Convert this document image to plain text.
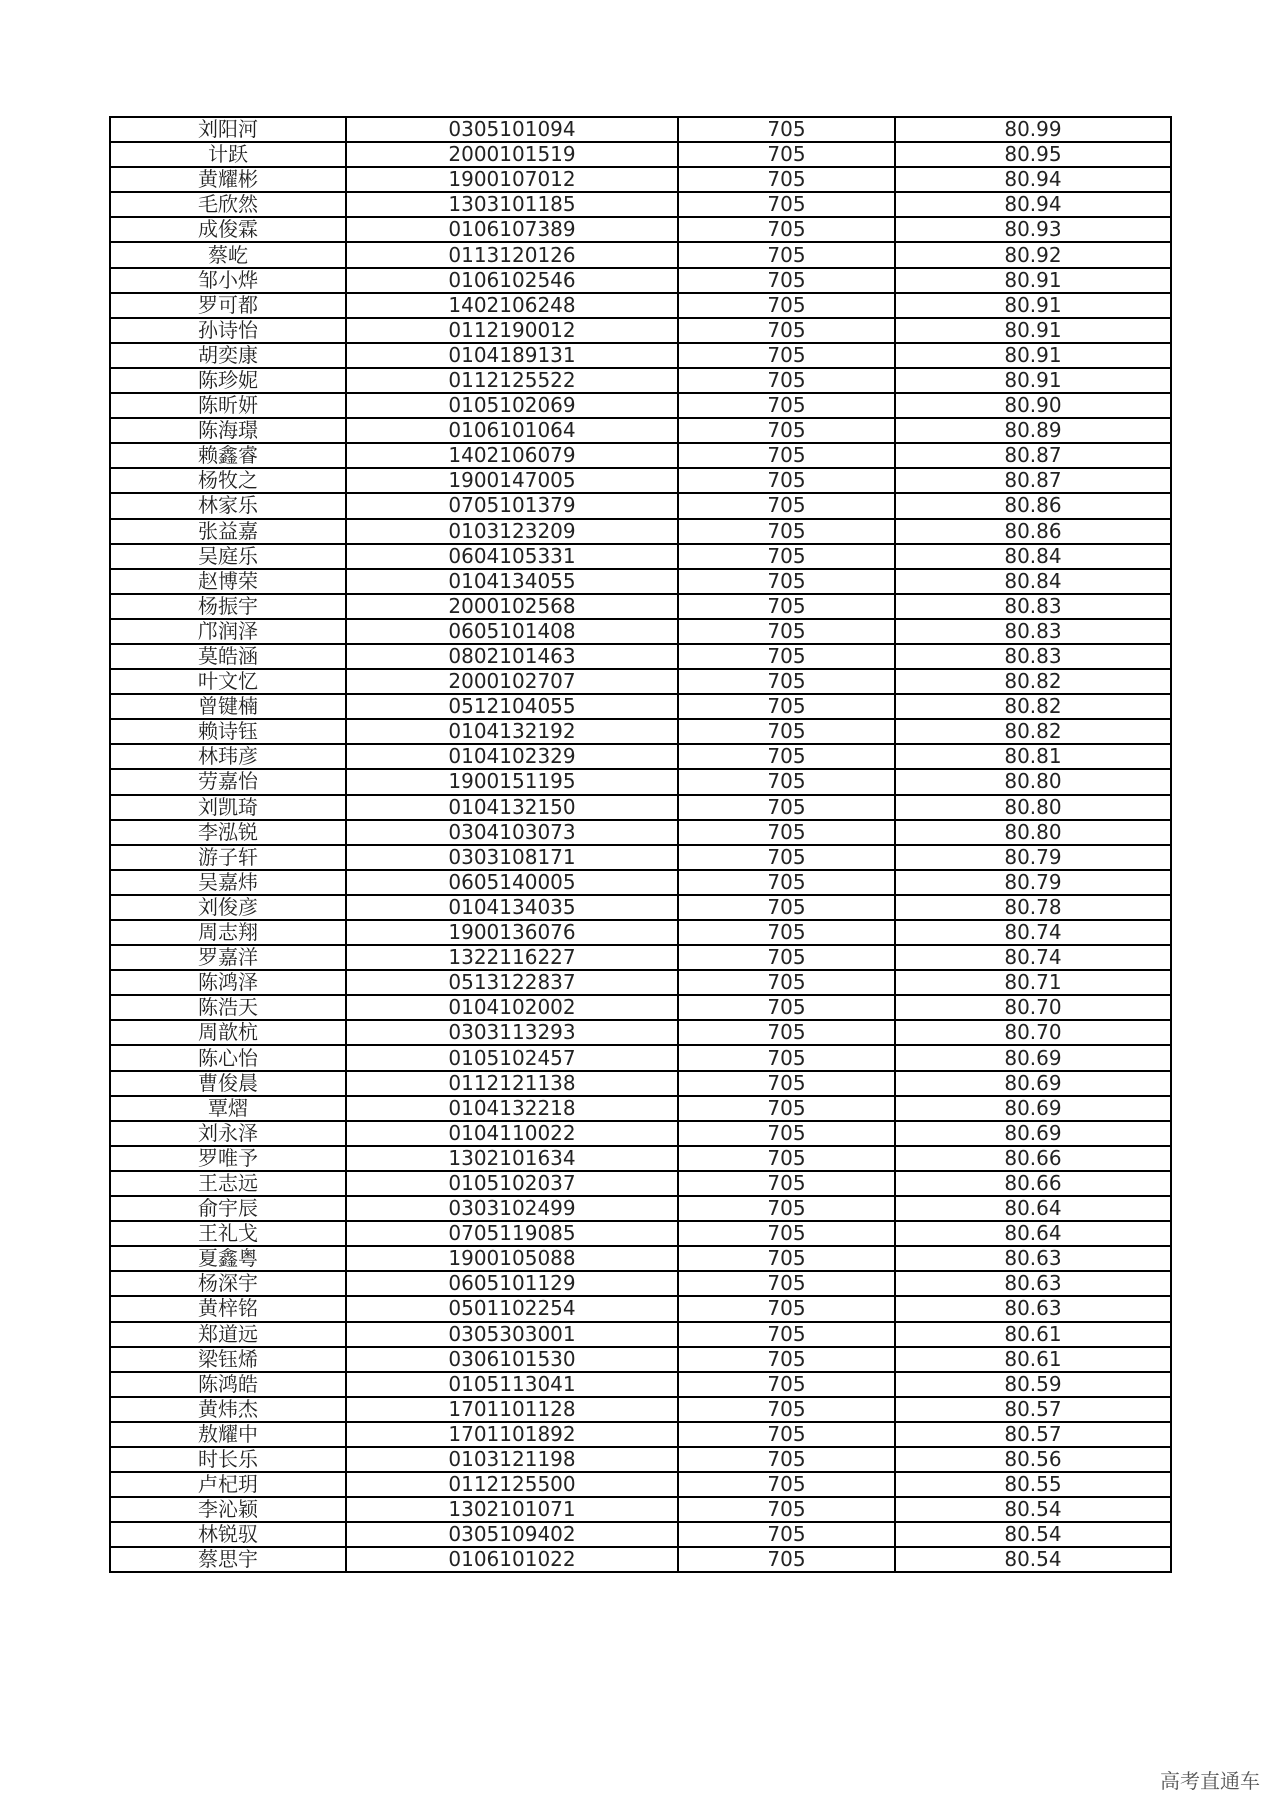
刘阳河	0305101094	705	80.99
计跃	2000101519	705	80.95
黄耀彬	1900107012	705	80.94
毛欣然	1303101185	705	80.94
成俊霖	0106107389	705	80.93
蔡屹	0113120126	705	80.92
邹小烨	0106102546	705	80.91
罗可都	1402106248	705	80.91
孙诗怡	0112190012	705	80.91
胡奕康	0104189131	705	80.91
陈珍妮	0112125522	705	80.91
陈昕妍	0105102069	705	80.90
陈海璟	0106101064	705	80.89
赖鑫睿	1402106079	705	80.87
杨牧之	1900147005	705	80.87
林家乐	0705101379	705	80.86
张益嘉	0103123209	705	80.86
吴庭乐	0604105331	705	80.84
赵博荣	0104134055	705	80.84
杨振宇	2000102568	705	80.83
邝润泽	0605101408	705	80.83
莫皓涵	0802101463	705	80.83
叶文忆	2000102707	705	80.82
曾键楠	0512104055	705	80.82
赖诗钰	0104132192	705	80.82
林玮彦	0104102329	705	80.81
劳嘉怡	1900151195	705	80.80
刘凯琦	0104132150	705	80.80
李泓锐	0304103073	705	80.80
游子轩	0303108171	705	80.79
吴嘉炜	0605140005	705	80.79
刘俊彦	0104134035	705	80.78
周志翔	1900136076	705	80.74
罗嘉洋	1322116227	705	80.74
陈鸿泽	0513122837	705	80.71
陈浩天	0104102002	705	80.70
周歆杭	0303113293	705	80.70
陈心怡	0105102457	705	80.69
曹俊晨	0112121138	705	80.69
覃熠	0104132218	705	80.69
刘永泽	0104110022	705	80.69
罗唯予	1302101634	705	80.66
王志远	0105102037	705	80.66
俞宇辰	0303102499	705	80.64
王礼戈	0705119085	705	80.64
夏鑫粤	1900105088	705	80.63
杨深宇	0605101129	705	80.63
黄梓铭	0501102254	705	80.63
郑道远	0305303001	705	80.61
梁钰烯	0306101530	705	80.61
陈鸿皓	0105113041	705	80.59
黄炜杰	1701101128	705	80.57
敖耀中	1701101892	705	80.57
时长乐	0103121198	705	80.56
卢杞玥	0112125500	705	80.55
李沁颖	1302101071	705	80.54
林锐驭	0305109402	705	80.54
蔡思宇	0106101022	705	80.54
高考直通车
